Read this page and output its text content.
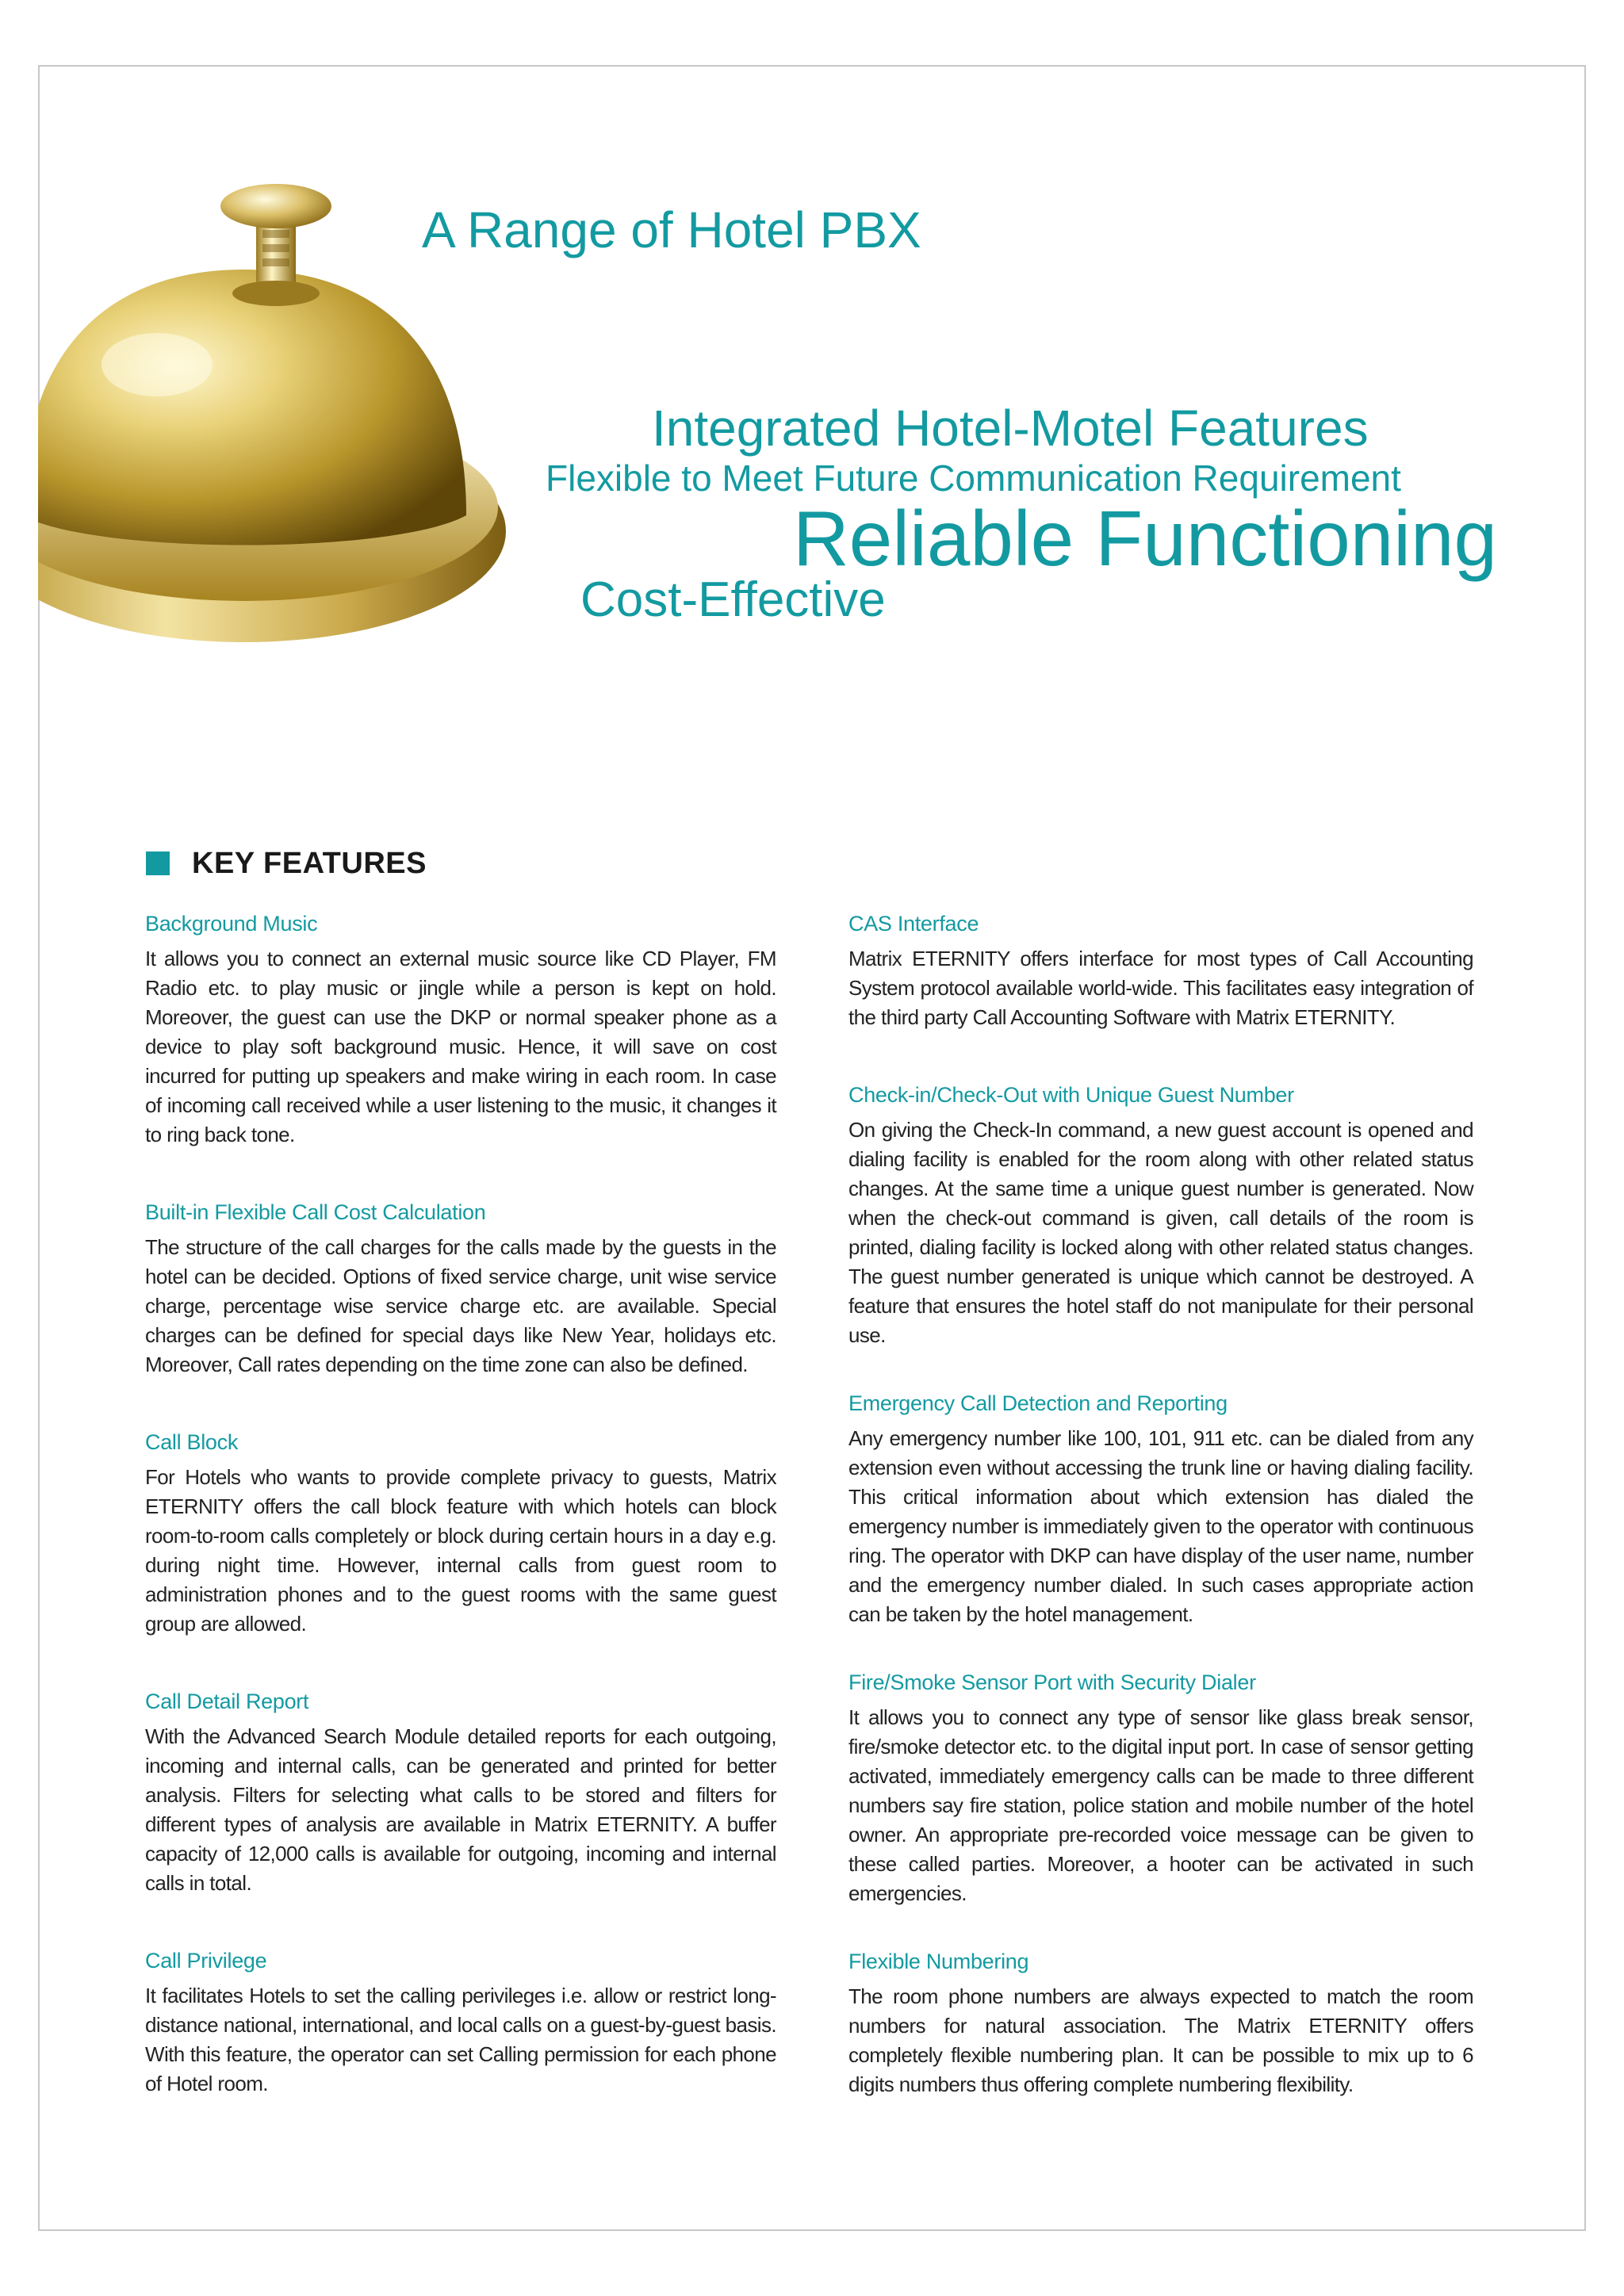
A Range of Hotel PBX
Integrated Hotel-Motel Features
Flexible to Meet Future Communication Requirement
Reliable Functioning
Cost-Effective
KEY FEATURES
Background Music

It allows you to connect an external music source like CD Player, FM Radio etc. to play music or jingle while a person is kept on hold. Moreover, the guest can use the DKP or normal speaker phone as a device to play soft background music. Hence, it will save on cost incurred for putting up speakers and make wiring in each room. In case of incoming call received while a user listening to the music, it changes it to ring back tone.

Built-in Flexible Call Cost Calculation

The structure of the call charges for the calls made by the guests in the hotel can be decided. Options of fixed service charge, unit wise service charge, percentage wise service charge etc. are available. Special charges can be defined for special days like New Year, holidays etc. Moreover, Call rates depending on the time zone can also be defined.

Call Block

For Hotels who wants to provide complete privacy to guests, Matrix ETERNITY offers the call block feature with which hotels can block room-to-room calls completely or block during certain hours in a day e.g. during night time. However, internal calls from guest room to administration phones and to the guest rooms with the same guest group are allowed.

Call Detail Report

With the Advanced Search Module detailed reports for each outgoing, incoming and internal calls, can be generated and printed for better analysis. Filters for selecting what calls to be stored and filters for different types of analysis are available in Matrix ETERNITY. A buffer capacity of 12,000 calls is available for outgoing, incoming and internal calls in total.

Call Privilege

It facilitates Hotels to set the calling perivileges i.e. allow or restrict long-distance national, international, and local calls on a guest-by-guest basis. With this feature, the operator can set Calling permission for each phone of Hotel room.

CAS Interface

Matrix ETERNITY offers interface for most types of Call Accounting System protocol available world-wide. This facilitates easy integration of the third party Call Accounting Software with Matrix ETERNITY.

Check-in/Check-Out with Unique Guest Number

On giving the Check-In command, a new guest account is opened and dialing facility is enabled for the room along with other related status changes. At the same time a unique guest number is generated. Now when the check-out command is given, call details of the room is printed, dialing facility is locked along with other related status changes. The guest number generated is unique which cannot be destroyed. A feature that ensures the hotel staff do not manipulate for their personal use.

Emergency Call Detection and Reporting

Any emergency number like 100, 101, 911 etc. can be dialed from any extension even without accessing the trunk line or having dialing facility. This critical information about which extension has dialed the emergency number is immediately given to the operator with continuous ring. The operator with DKP can have display of the user name, number and the emergency number dialed. In such cases appropriate action can be taken by the hotel management.

Fire/Smoke Sensor Port with Security Dialer

It allows you to connect any type of sensor like glass break sensor, fire/smoke detector etc. to the digital input port. In case of sensor getting activated, immediately emergency calls can be made to three different numbers say fire station, police station and mobile number of the hotel owner. An appropriate pre-recorded voice message can be given to these called parties. Moreover, a hooter can be activated in such emergencies.

Flexible Numbering

The room phone numbers are always expected to match the room numbers for natural association. The Matrix ETERNITY offers completely flexible numbering plan. It can be possible to mix up to 6 digits numbers thus offering complete numbering flexibility.
